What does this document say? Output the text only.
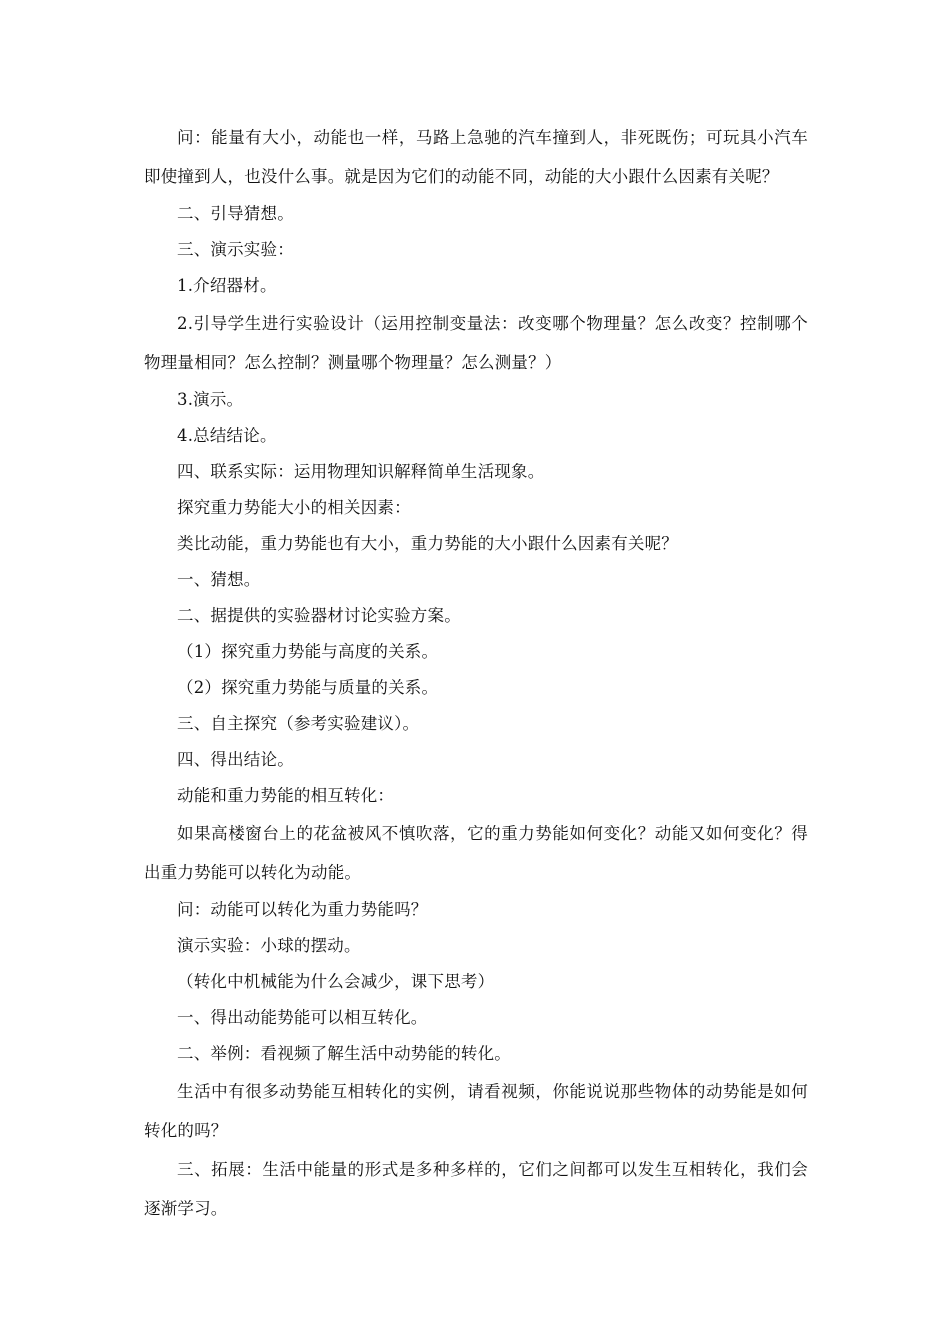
问：能量有大小，动能也一样，马路上急驰的汽车撞到人，非死既伤；可玩具小汽车即使撞到人，也没什么事。就是因为它们的动能不同，动能的大小跟什么因素有关呢？

二、引导猜想。

三、演示实验：

1.介绍器材。

2.引导学生进行实验设计（运用控制变量法：改变哪个物理量？怎么改变？控制哪个物理量相同？怎么控制？测量哪个物理量？怎么测量？）

3.演示。

4.总结结论。

四、联系实际：运用物理知识解释简单生活现象。

探究重力势能大小的相关因素：

类比动能，重力势能也有大小，重力势能的大小跟什么因素有关呢？

一、猜想。

二、据提供的实验器材讨论实验方案。

（1）探究重力势能与高度的关系。

（2）探究重力势能与质量的关系。

三、自主探究（参考实验建议）。

四、得出结论。

动能和重力势能的相互转化：

如果高楼窗台上的花盆被风不慎吹落，它的重力势能如何变化？动能又如何变化？得出重力势能可以转化为动能。

问：动能可以转化为重力势能吗？

演示实验：小球的摆动。

（转化中机械能为什么会减少，课下思考）

一、得出动能势能可以相互转化。

二、举例：看视频了解生活中动势能的转化。

生活中有很多动势能互相转化的实例，请看视频，你能说说那些物体的动势能是如何转化的吗？

三、拓展：生活中能量的形式是多种多样的，它们之间都可以发生互相转化，我们会逐渐学习。
